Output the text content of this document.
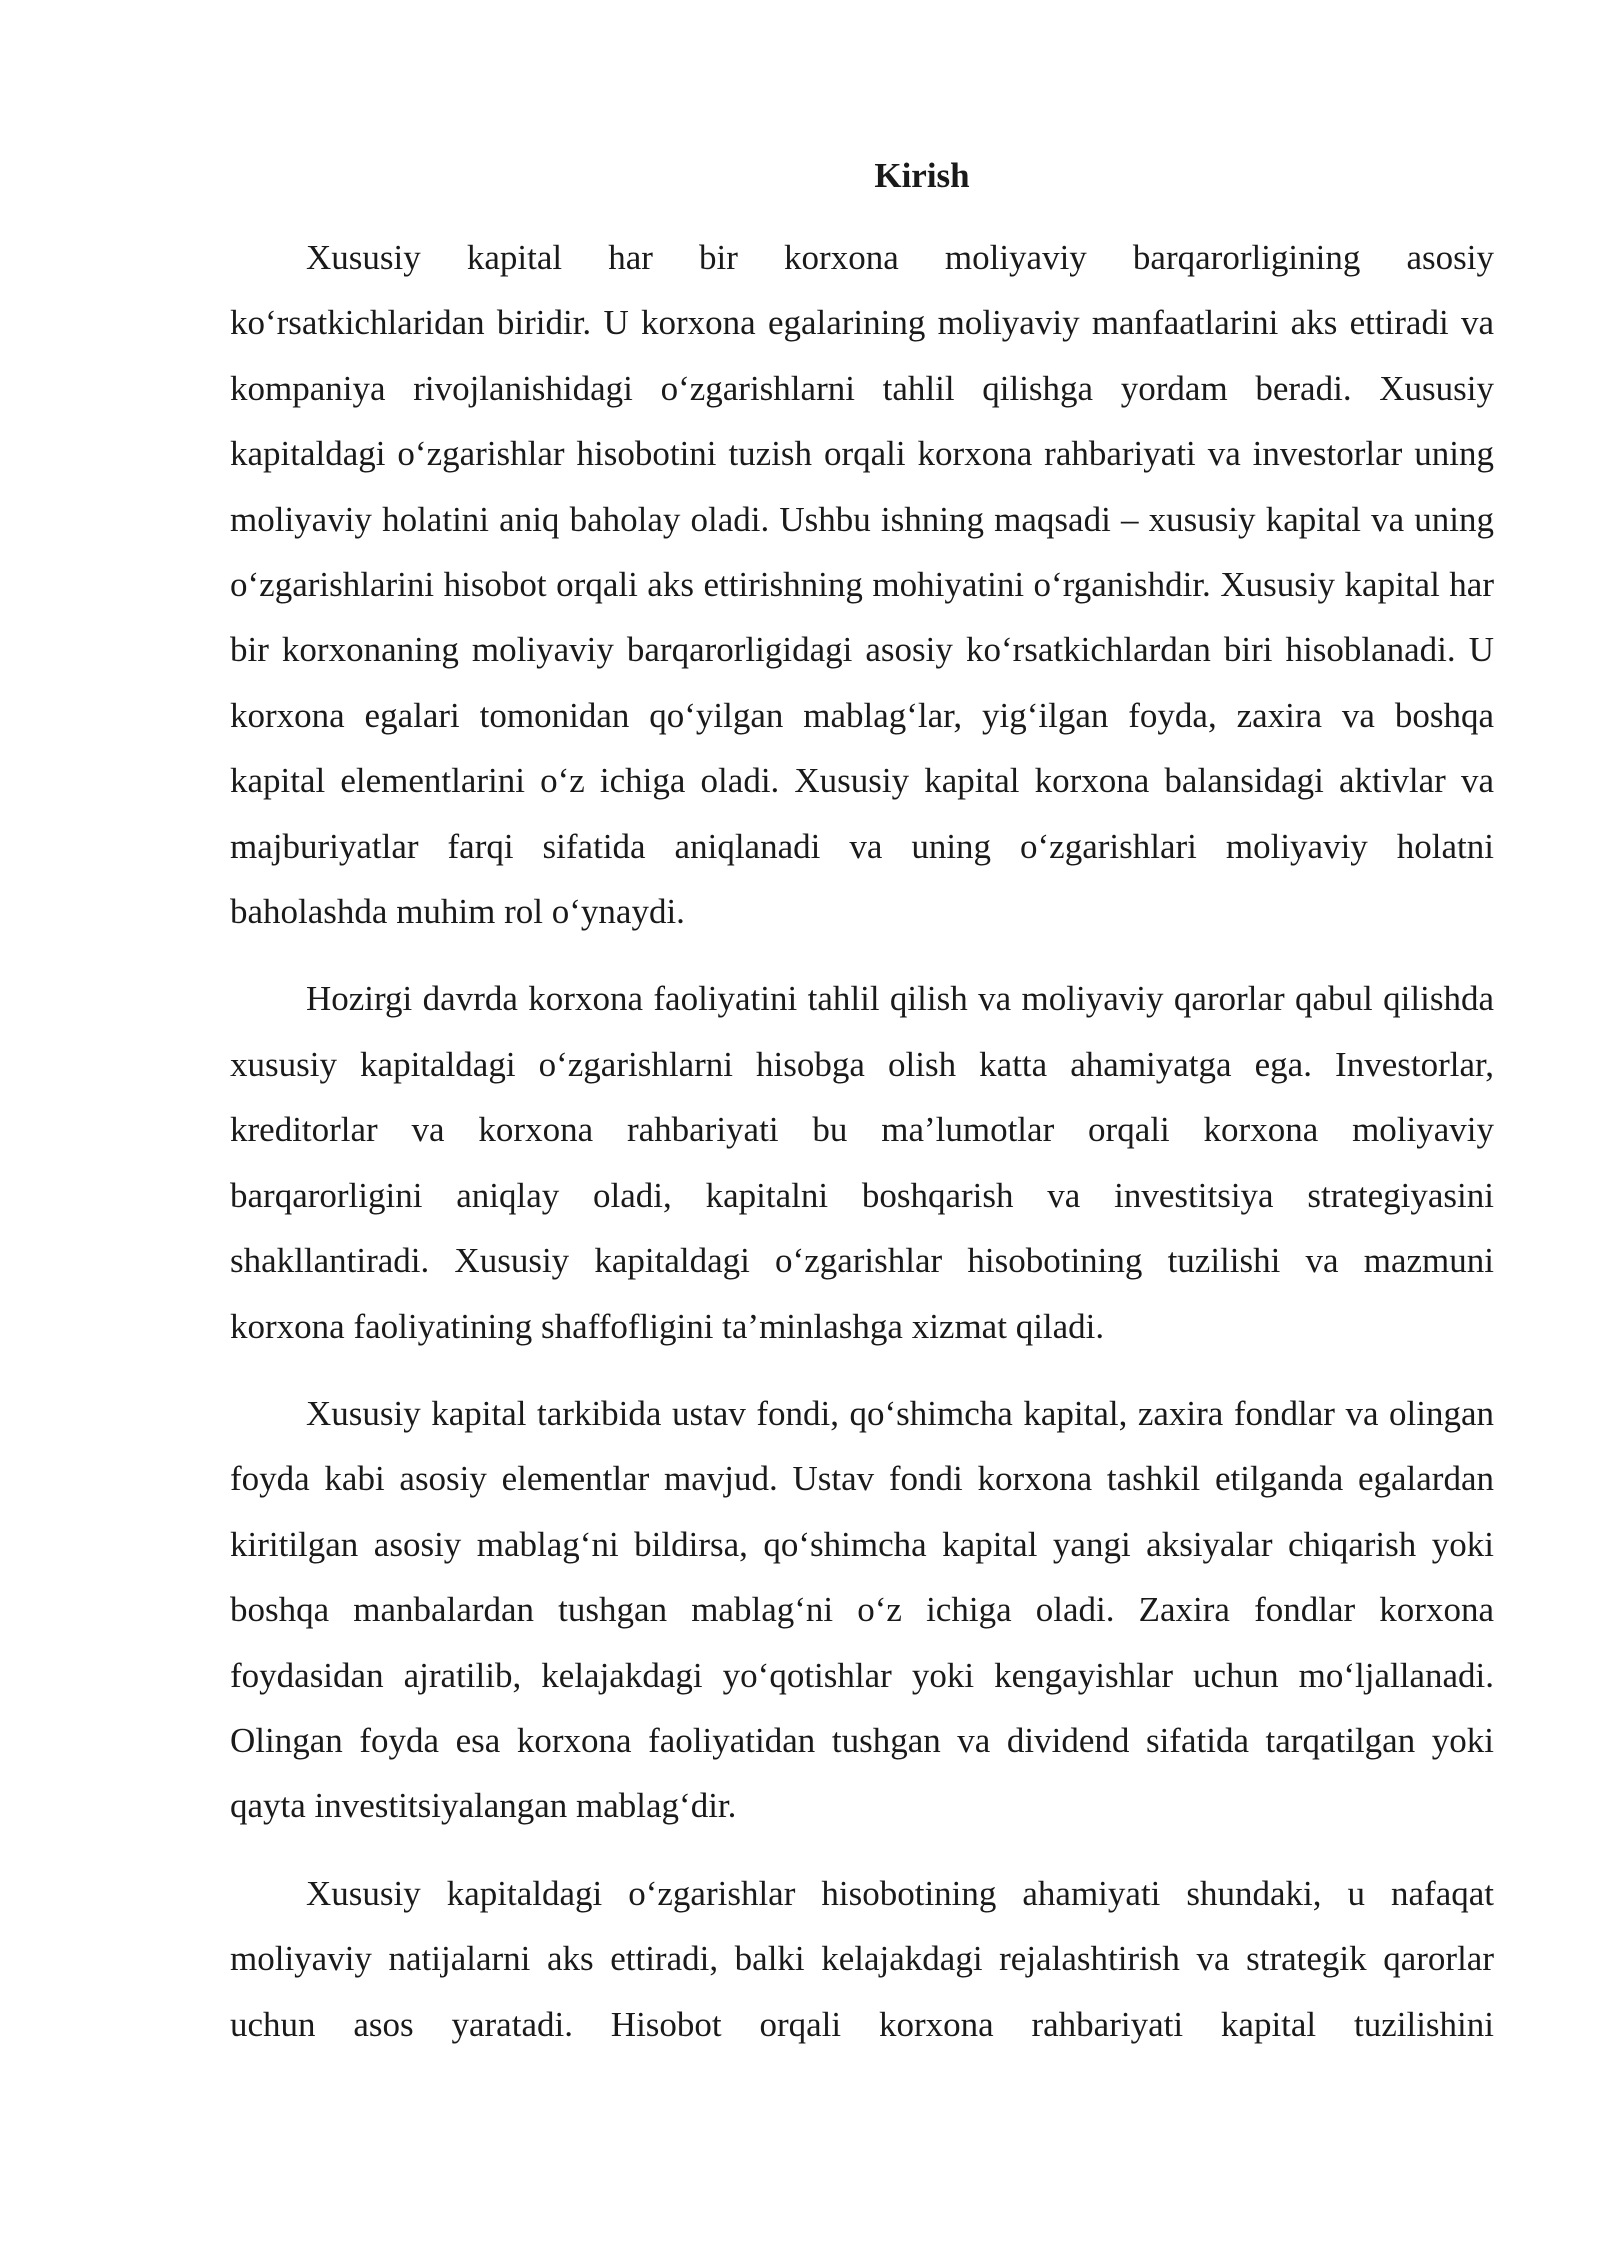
Kirish

Xususiy kapital har bir korxona moliyaviy barqarorligining asosiy ko‘rsatkichlaridan biridir. U korxona egalarining moliyaviy manfaatlarini aks ettiradi va kompaniya rivojlanishidagi o‘zgarishlarni tahlil qilishga yordam beradi. Xususiy kapitaldagi o‘zgarishlar hisobotini tuzish orqali korxona rahbariyati va investorlar uning moliyaviy holatini aniq baholay oladi. Ushbu ishning maqsadi – xususiy kapital va uning o‘zgarishlarini hisobot orqali aks ettirishning mohiyatini o‘rganishdir. Xususiy kapital har bir korxonaning moliyaviy barqarorligidagi asosiy ko‘rsatkichlardan biri hisoblanadi. U korxona egalari tomonidan qo‘yilgan mablag‘lar, yig‘ilgan foyda, zaxira va boshqa kapital elementlarini o‘z ichiga oladi. Xususiy kapital korxona balansidagi aktivlar va majburiyatlar farqi sifatida aniqlanadi va uning o‘zgarishlari moliyaviy holatni baholashda muhim rol o‘ynaydi.

Hozirgi davrda korxona faoliyatini tahlil qilish va moliyaviy qarorlar qabul qilishda xususiy kapitaldagi o‘zgarishlarni hisobga olish katta ahamiyatga ega. Investorlar, kreditorlar va korxona rahbariyati bu ma’lumotlar orqali korxona moliyaviy barqarorligini aniqlay oladi, kapitalni boshqarish va investitsiya strategiyasini shakllantiradi. Xususiy kapitaldagi o‘zgarishlar hisobotining tuzilishi va mazmuni korxona faoliyatining shaffofligini ta’minlashga xizmat qiladi.

Xususiy kapital tarkibida ustav fondi, qo‘shimcha kapital, zaxira fondlar va olingan foyda kabi asosiy elementlar mavjud. Ustav fondi korxona tashkil etilganda egalardan kiritilgan asosiy mablag‘ni bildirsa, qo‘shimcha kapital yangi aksiyalar chiqarish yoki boshqa manbalardan tushgan mablag‘ni o‘z ichiga oladi. Zaxira fondlar korxona foydasidan ajratilib, kelajakdagi yo‘qotishlar yoki kengayishlar uchun mo‘ljallanadi. Olingan foyda esa korxona faoliyatidan tushgan va dividend sifatida tarqatilgan yoki qayta investitsiyalangan mablag‘dir.

Xususiy kapitaldagi o‘zgarishlar hisobotining ahamiyati shundaki, u nafaqat moliyaviy natijalarni aks ettiradi, balki kelajakdagi rejalashtirish va strategik qarorlar uchun asos yaratadi. Hisobot orqali korxona rahbariyati kapital tuzilishini
